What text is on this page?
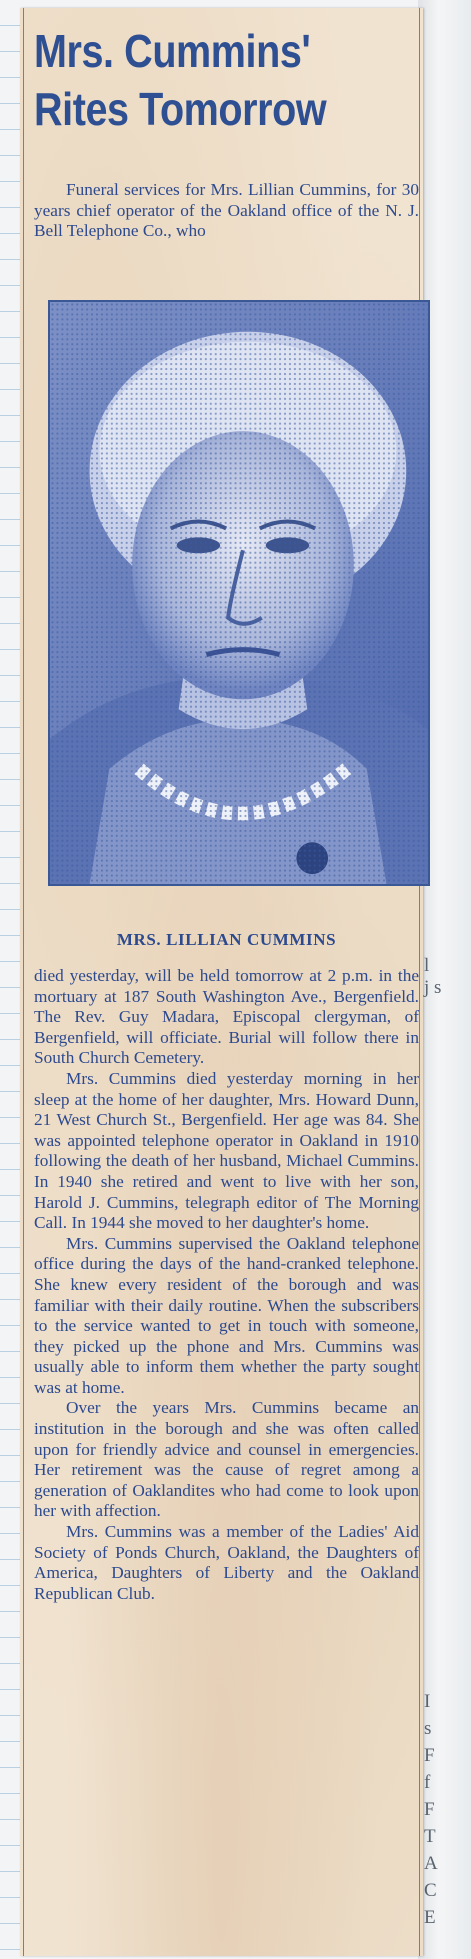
l
j s
I
s
F
f
F
T
A
C
E
Mrs. Cummins'
Rites Tomorrow

Funeral services for Mrs. Lillian Cummins, for 30 years chief operator of the Oakland office of the N. J. Bell Telephone Co., who

MRS. LILLIAN CUMMINS

died yesterday, will be held tomorrow at 2 p.m. in the mortuary at 187 South Washington Ave., Bergenfield. The Rev. Guy Madara, Episcopal clergyman, of Bergenfield, will officiate. Burial will follow there in South Church Cemetery.

Mrs. Cummins died yesterday morning in her sleep at the home of her daughter, Mrs. Howard Dunn, 21 West Church St., Bergenfield. Her age was 84. She was appointed telephone operator in Oakland in 1910 following the death of her husband, Michael Cummins. In 1940 she retired and went to live with her son, Harold J. Cummins, telegraph editor of The Morning Call. In 1944 she moved to her daughter's home.

Mrs. Cummins supervised the Oakland telephone office during the days of the hand-cranked telephone. She knew every resident of the borough and was familiar with their daily routine. When the subscribers to the service wanted to get in touch with someone, they picked up the phone and Mrs. Cummins was usually able to inform them whether the party sought was at home.

Over the years Mrs. Cummins became an institution in the borough and she was often called upon for friendly advice and counsel in emergencies. Her retirement was the cause of regret among a generation of Oaklandites who had come to look upon her with affection.

Mrs. Cummins was a member of the Ladies' Aid Society of Ponds Church, Oakland, the Daughters of America, Daughters of Liberty and the Oakland Republican Club.
